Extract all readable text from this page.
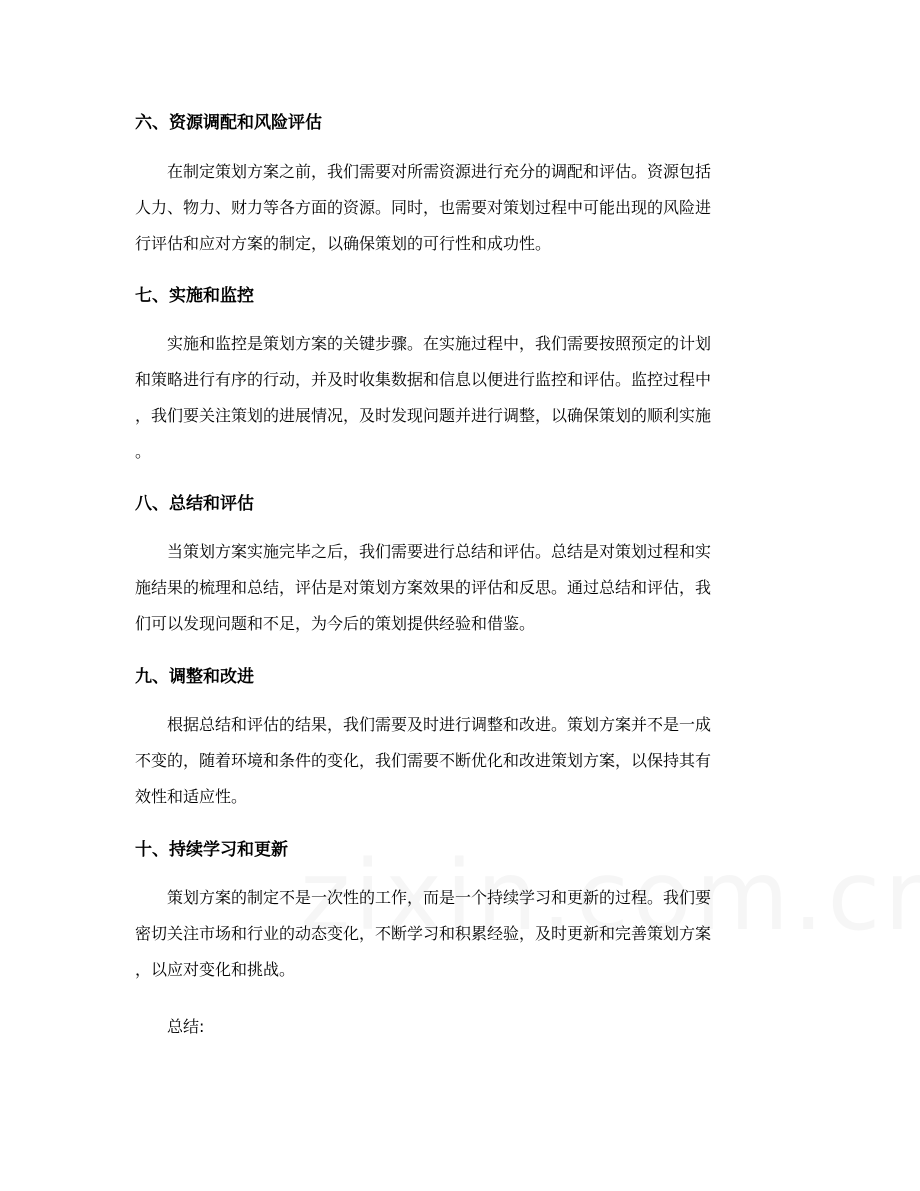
六、资源调配和风险评估
在制定策划方案之前，我们需要对所需资源进行充分的调配和评估。资源包括
人力、物力、财力等各方面的资源。同时，也需要对策划过程中可能出现的风险进
行评估和应对方案的制定，以确保策划的可行性和成功性。
七、实施和监控
实施和监控是策划方案的关键步骤。在实施过程中，我们需要按照预定的计划
和策略进行有序的行动，并及时收集数据和信息以便进行监控和评估。监控过程中
，我们要关注策划的进展情况，及时发现问题并进行调整，以确保策划的顺利实施
。
八、总结和评估
当策划方案实施完毕之后，我们需要进行总结和评估。总结是对策划过程和实
施结果的梳理和总结，评估是对策划方案效果的评估和反思。通过总结和评估，我
们可以发现问题和不足，为今后的策划提供经验和借鉴。
九、调整和改进
根据总结和评估的结果，我们需要及时进行调整和改进。策划方案并不是一成
不变的，随着环境和条件的变化，我们需要不断优化和改进策划方案，以保持其有
效性和适应性。
十、持续学习和更新
策划方案的制定不是一次性的工作，而是一个持续学习和更新的过程。我们要
密切关注市场和行业的动态变化，不断学习和积累经验，及时更新和完善策划方案
，以应对变化和挑战。
总结:
